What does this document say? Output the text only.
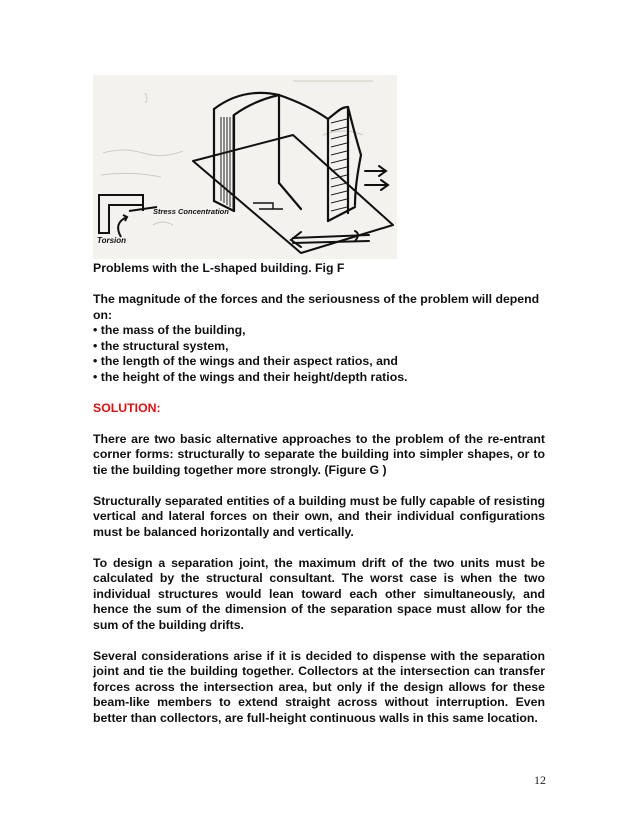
Stress Concentration
Torsion

Problems with the L-shaped building. Fig F

The magnitude of the forces and the seriousness of the problem will depend on:

• the mass of the building,
• the structural system,
• the length of the wings and their aspect ratios, and
• the height of the wings and their height/depth ratios.

SOLUTION:

There are two basic alternative approaches to the problem of the re-entrant corner forms: structurally to separate the building into simpler shapes, or to tie the building together more strongly. (Figure G )

Structurally separated entities of a building must be fully capable of resisting vertical and lateral forces on their own, and their individual configurations must be balanced horizontally and vertically.

To design a separation joint, the maximum drift of the two units must be calculated by the structural consultant. The worst case is when the two individual structures would lean toward each other simultaneously, and hence the sum of the dimension of the separation space must allow for the sum of the building drifts.

Several considerations arise if it is decided to dispense with the separation joint and tie the building together. Collectors at the intersection can transfer forces across the intersection area, but only if the design allows for these beam-like members to extend straight across without interruption. Even better than collectors, are full-height continuous walls in this same location.

12
